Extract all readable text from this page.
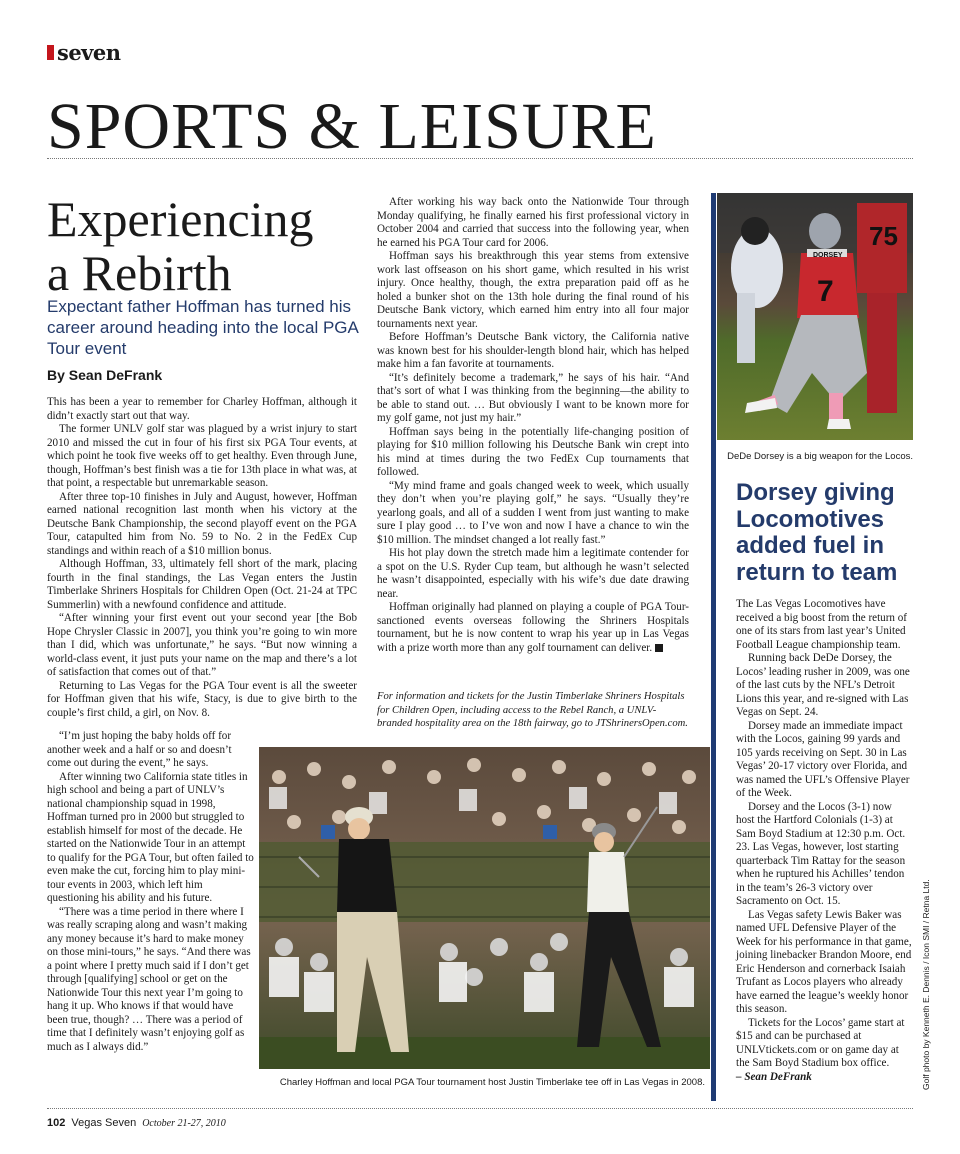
seven
SPORTS & LEISURE
Experiencing
a Rebirth
Expectant father Hoffman has turned his career around heading into the local PGA Tour event
By Sean DeFrank

This has been a year to remember for Charley Hoffman, although it didn’t exactly start out that way.

The former UNLV golf star was plagued by a wrist injury to start 2010 and missed the cut in four of his first six PGA Tour events, at which point he took five weeks off to get healthy. Even through June, though, Hoffman’s best finish was a tie for 13th place in what was, at that point, a respectable but unremarkable season.

After three top-10 finishes in July and August, however, Hoffman earned national recognition last month when his victory at the Deutsche Bank Championship, the second playoff event on the PGA Tour, catapulted him from No. 59 to No. 2 in the FedEx Cup standings and within reach of a $10 million bonus.

Although Hoffman, 33, ultimately fell short of the mark, placing fourth in the final standings, the Las Vegan enters the Justin Timberlake Shriners Hospitals for Children Open (Oct. 21-24 at TPC Summerlin) with a newfound confidence and attitude.

“After winning your first event out your second year [the Bob Hope Chrysler Classic in 2007], you think you’re going to win more than I did, which was unfortunate,” he says. “But now winning a world-class event, it just puts your name on the map and there’s a lot of satisfaction that comes out of that.”

Returning to Las Vegas for the PGA Tour event is all the sweeter for Hoffman given that his wife, Stacy, is due to give birth to the couple’s first child, a girl, on Nov. 8.

“I’m just hoping the baby holds off for another week and a half or so and doesn’t come out during the event,” he says.

After winning two California state titles in high school and being a part of UNLV’s national championship squad in 1998, Hoffman turned pro in 2000 but struggled to establish himself for most of the decade. He started on the Nationwide Tour in an attempt to qualify for the PGA Tour, but often failed to even make the cut, forcing him to play mini-tour events in 2003, which left him questioning his ability and his future.

“There was a time period in there where I was really scraping along and wasn’t making any money because it’s hard to make money on those mini-tours,” he says. “And there was a point where I pretty much said if I don’t get through [qualifying] school or get on the Nationwide Tour this next year I’m going to hang it up. Who knows if that would have been true, though? … There was a period of time that I definitely wasn’t enjoying golf as much as I always did.”

After working his way back onto the Nationwide Tour through Monday qualifying, he finally earned his first professional victory in October 2004 and carried that success into the following year, when he earned his PGA Tour card for 2006.

Hoffman says his breakthrough this year stems from extensive work last offseason on his short game, which resulted in his wrist injury. Once healthy, though, the extra preparation paid off as he holed a bunker shot on the 13th hole during the final round of his Deutsche Bank victory, which earned him entry into all four major tournaments next year.

Before Hoffman’s Deutsche Bank victory, the California native was known best for his shoulder-length blond hair, which has helped make him a fan favorite at tournaments.

“It’s definitely become a trademark,” he says of his hair. “And that’s sort of what I was thinking from the beginning—the ability to be able to stand out. … But obviously I want to be known more for my golf game, not just my hair.”

Hoffman says being in the potentially life-changing position of playing for $10 million following his Deutsche Bank win crept into his mind at times during the two FedEx Cup tournaments that followed.

“My mind frame and goals changed week to week, which usually they don’t when you’re playing golf,” he says. “Usually they’re yearlong goals, and all of a sudden I went from just wanting to make sure I play good … to I’ve won and now I have a chance to win the $10 million. The mindset changed a lot really fast.”

His hot play down the stretch made him a legitimate contender for a spot on the U.S. Ryder Cup team, but although he wasn’t selected he wasn’t disappointed, especially with his wife’s due date drawing near.

Hoffman originally had planned on playing a couple of PGA Tour-sanctioned events overseas following the Shriners Hospitals tournament, but he is now content to wrap his year up in Las Vegas with a prize worth more than any golf tournament can deliver.

For information and tickets for the Justin Timberlake Shriners Hospitals for Children Open, including access to the Rebel Ranch, a UNLV-branded hospitality area on the 18th fairway, go to JTShrinersOpen.com.
75
DORSEY
7
DeDe Dorsey is a big weapon for the Locos.
Dorsey giving Locomotives added fuel in return to team

The Las Vegas Locomotives have received a big boost from the return of one of its stars from last year’s United Football League championship team.

Running back DeDe Dorsey, the Locos’ leading rusher in 2009, was one of the last cuts by the NFL’s Detroit Lions this year, and re-signed with Las Vegas on Sept. 24.

Dorsey made an immediate impact with the Locos, gaining 99 yards and 105 yards receiving on Sept. 30 in Las Vegas’ 20-17 victory over Florida, and was named the UFL’s Offensive Player of the Week.

Dorsey and the Locos (3-1) now host the Hartford Colonials (1-3) at Sam Boyd Stadium at 12:30 p.m. Oct. 23. Las Vegas, however, lost starting quarterback Tim Rattay for the season when he ruptured his Achilles’ tendon in the team’s 26-3 victory over Sacramento on Oct. 15.

Las Vegas safety Lewis Baker was named UFL Defensive Player of the Week for his performance in that game, joining linebacker Brandon Moore, end Eric Henderson and cornerback Isaiah Trufant as Locos players who already have earned the league’s weekly honor this season.

Tickets for the Locos’ game start at $15 and can be purchased at UNLVtickets.com or on game day at the Sam Boyd Stadium box office.

– Sean DeFrank

Charley Hoffman and local PGA Tour tournament host Justin Timberlake tee off in Las Vegas in 2008.	Golf photo by Kenneth E. Dennis / Icon SMI / Retna Ltd.
102 Vegas Seven October 21-27, 2010
